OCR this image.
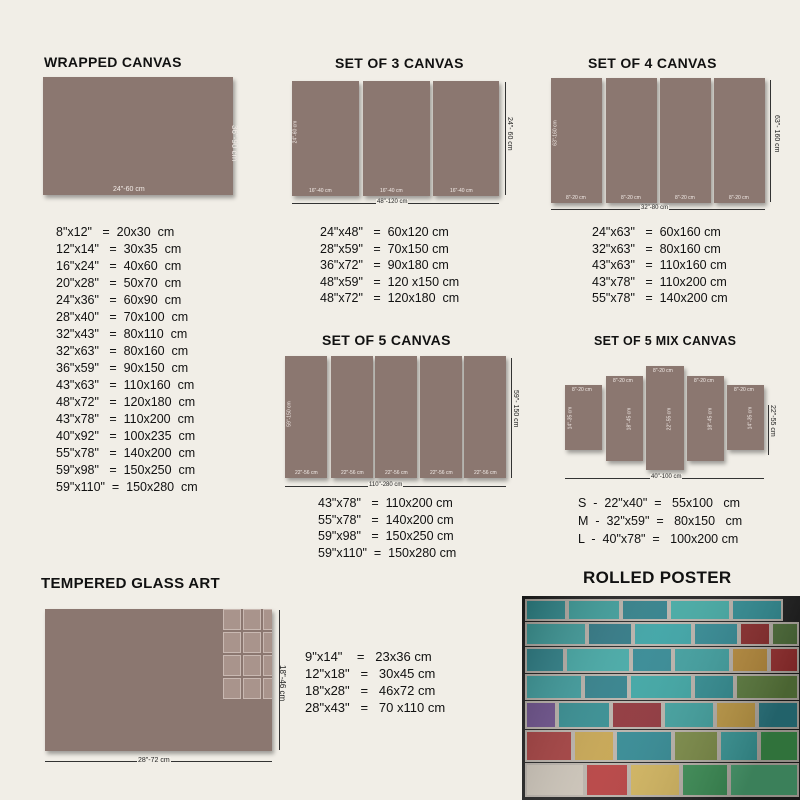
WRAPPED CANVAS
24"-60 cm
36"-90 cm
8"x12"   =  20x30  cm
12"x14"   =  30x35  cm
16"x24"   =  40x60  cm
20"x28"   =  50x70  cm
24"x36"   =  60x90  cm
28"x40"   =  70x100  cm
32"x43"   =  80x110  cm
32"x63"   =  80x160  cm
36"x59"   =  90x150  cm
43"x63"   =  110x160  cm
48"x72"   =  120x180  cm
43"x78"   =  110x200  cm
40"x92"   =  100x235  cm
55"x78"   =  140x200  cm
59"x98"   =  150x250  cm
59"x110"  =  150x280  cm
SET OF 3 CANVAS
24"-60 cm
16"-40 cm	16"-40 cm	16"-40 cm
48"-120 cm
24"- 60 cm
24"x48"   =  60x120 cm
28"x59"   =  70x150 cm
36"x72"   =  90x180 cm
48"x59"   =  120 x150 cm
48"x72"   =  120x180  cm
SET OF 4 CANVAS
63"-160 cm
8"-20 cm	8"-20 cm	8"-20 cm	8"-20 cm
32"-80 cm
63"- 160 cm
24"x63"   =  60x160 cm
32"x63"   =  80x160 cm
43"x63"   =  110x160 cm
43"x78"   =  110x200 cm
55"x78"   =  140x200 cm
SET OF 5 CANVAS
59"-150 cm
22"-56 cm	22"-56 cm	22"-56 cm	22"-56 cm	22"-56 cm
110"-280 cm
59"- 150 cm
43"x78"   =  110x200 cm
55"x78"   =  140x200 cm
59"x98"   =  150x250 cm
59"x110"  =  150x280 cm
SET OF 5 MIX CANVAS
8"-20 cm
14"-35 cm
8"-20 cm
18"-45 cm
8"-20 cm
22"-55 cm
8"-20 cm
18"-45 cm
8"-20 cm
14"-35 cm
40"-100 cm
22"-55 cm
S  -  22"x40"  =   55x100   cm
M  -  32"x59"  =   80x150   cm
L  -  40"x78"  =   100x200 cm
TEMPERED GLASS ART
28"-72 cm
18"-46 cm
9"x14"    =   23x36 cm
12"x18"   =   30x45 cm
18"x28"   =   46x72 cm
28"x43"   =   70 x110 cm
ROLLED POSTER
